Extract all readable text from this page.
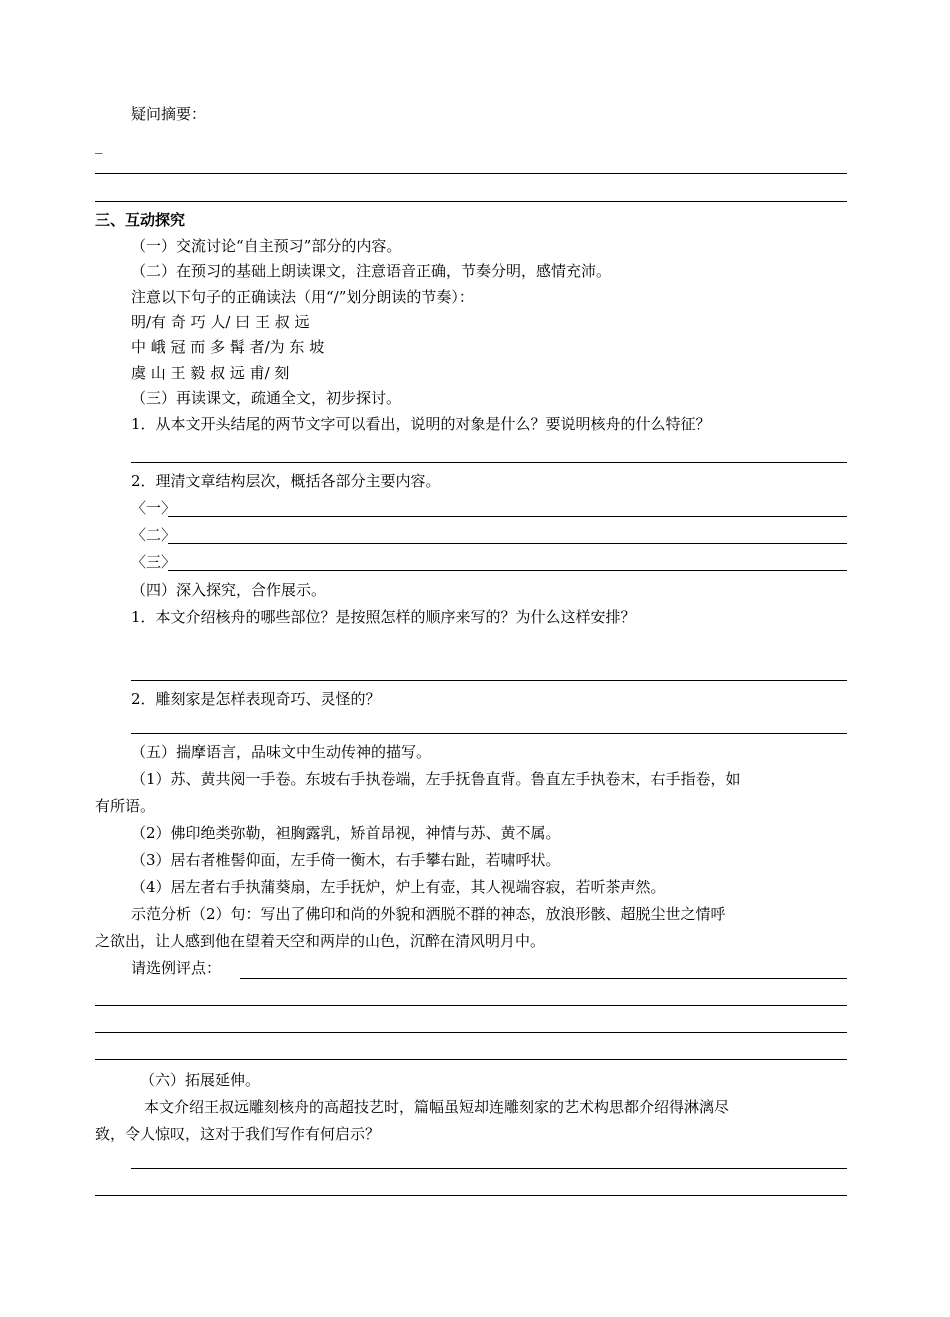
疑问摘要：
_
三、互动探究
（一）交流讨论“自主预习”部分的内容。
（二）在预习的基础上朗读课文，注意语音正确，节奏分明，感情充沛。
注意以下句子的正确读法（用“/”划分朗读的节奏）：
明/有 奇 巧 人/ 曰 王 叔 远
中 峨 冠 而 多 髯 者/为 东 坡
虞 山 王 毅 叔 远 甫/ 刻
（三）再读课文，疏通全文，初步探讨。
1．从本文开头结尾的两节文字可以看出，说明的对象是什么？要说明核舟的什么特征？
2．理清文章结构层次，概括各部分主要内容。
〈一〉
〈二〉
〈三〉
（四）深入探究，合作展示。
1．本文介绍核舟的哪些部位？是按照怎样的顺序来写的？为什么这样安排？
2．雕刻家是怎样表现奇巧、灵怪的？
（五）揣摩语言，品味文中生动传神的描写。
（1）苏、黄共阅一手卷。东坡右手执卷端，左手抚鲁直背。鲁直左手执卷末，右手指卷，如
有所语。
（2）佛印绝类弥勒，袒胸露乳，矫首昂视，神情与苏、黄不属。
（3）居右者椎髻仰面，左手倚一衡木，右手攀右趾，若啸呼状。
（4）居左者右手执蒲葵扇，左手抚炉，炉上有壶，其人视端容寂，若听茶声然。
示范分析（2）句：写出了佛印和尚的外貌和洒脱不群的神态，放浪形骸、超脱尘世之情呼
之欲出，让人感到他在望着天空和两岸的山色，沉醉在清风明月中。
请选例评点：
（六）拓展延伸。
本文介绍王叔远雕刻核舟的高超技艺时，篇幅虽短却连雕刻家的艺术构思都介绍得淋漓尽
致，令人惊叹，这对于我们写作有何启示？
